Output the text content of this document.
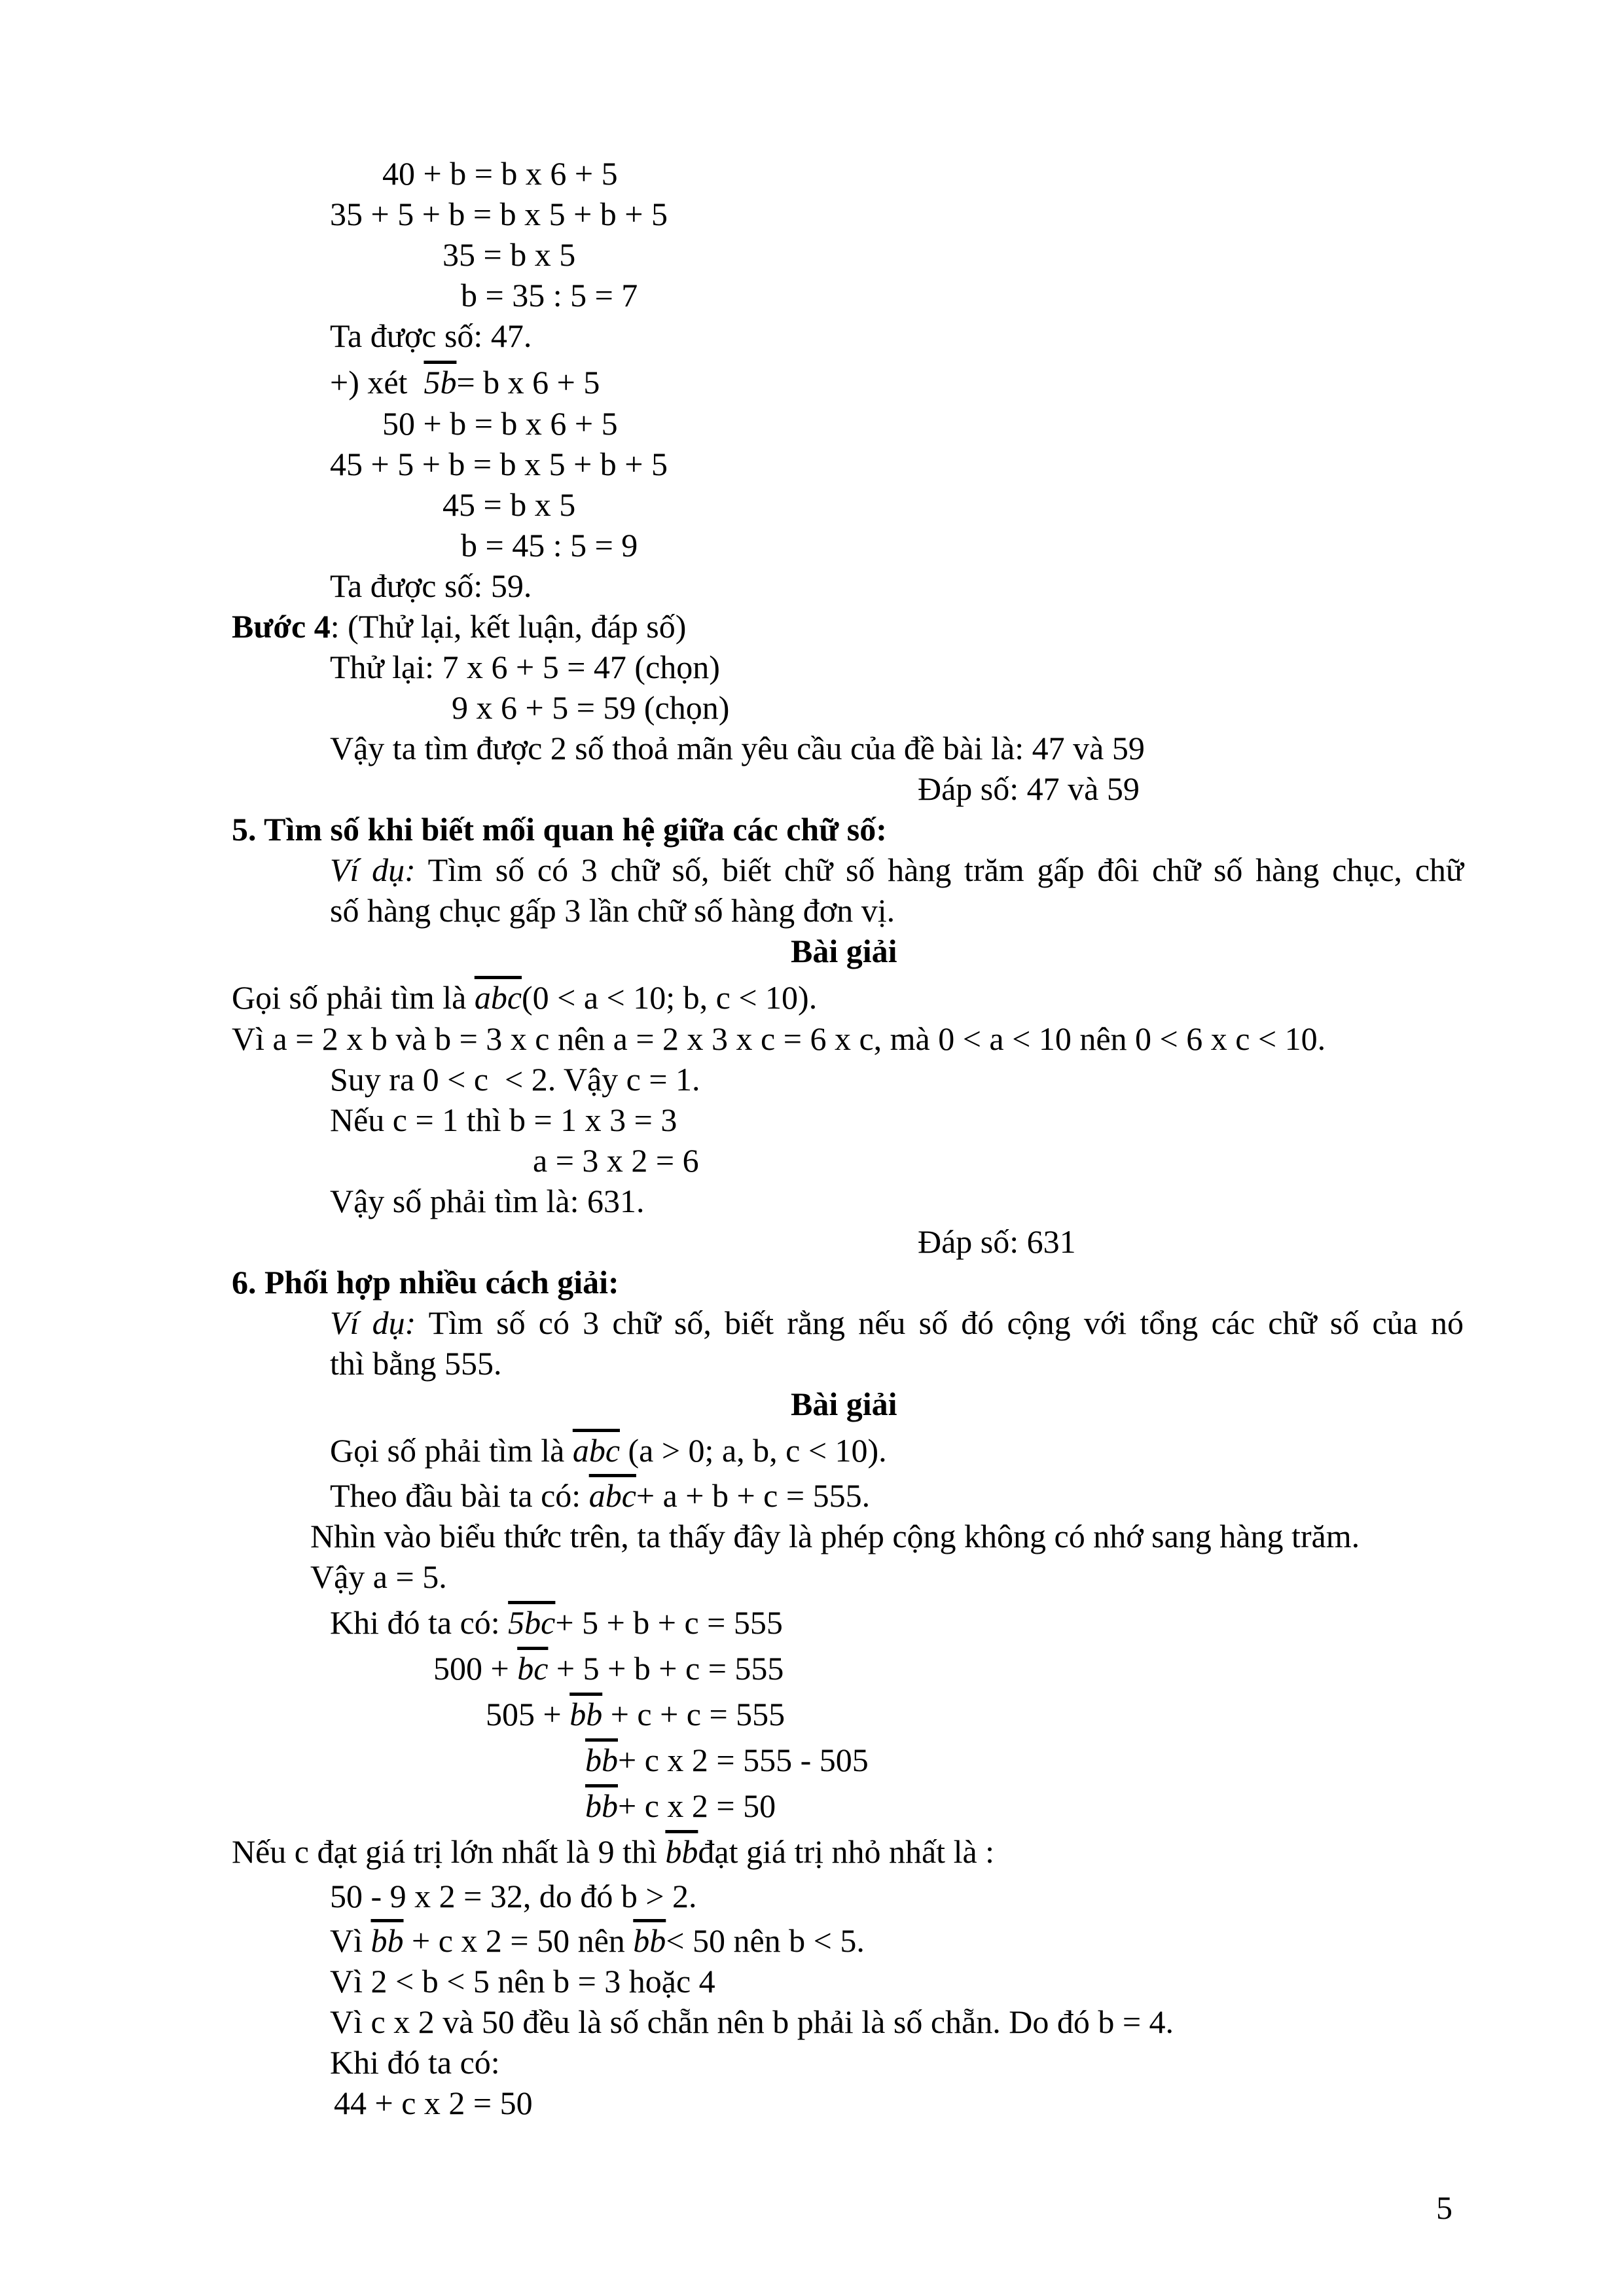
40 + b = b x 6 + 5

35 + 5 + b = b x 5 + b + 5

35 = b x 5

b = 35 : 5 = 7

Ta được số: 47.

+) xét  5b= b x 6 + 5

50 + b = b x 6 + 5

45 + 5 + b = b x 5 + b + 5

45 = b x 5

b = 45 : 5 = 9

Ta được số: 59.

Bước 4: (Thử lại, kết luận, đáp số)

Thử lại: 7 x 6 + 5 = 47 (chọn)

9 x 6 + 5 = 59 (chọn)

Vậy ta tìm được 2 số thoả mãn yêu cầu của đề bài là: 47 và 59

Đáp số: 47 và 59

5. Tìm số khi biết mối quan hệ giữa các chữ số:

Ví dụ: Tìm số có 3 chữ số, biết chữ số hàng trăm gấp đôi chữ số hàng chục, chữ

số hàng chục gấp 3 lần chữ số hàng đơn vị.

Bài giải

Gọi số phải tìm là $\overline{abc}(0 < a < 10$; b, c < 10).

Vì a = 2 x b và b = 3 x c nên a = 2 x 3 x c = 6 x c, mà 0 < a < 10 nên 0 < 6 x c < 10.

Suy ra 0 < c  < 2. Vậy c = 1.

Nếu c = 1 thì b = 1 x 3 = 3

a = 3 x 2 = 6

Vậy số phải tìm là: 631.

Đáp số: 631

6. Phối hợp nhiều cách giải:

Ví dụ: Tìm số có 3 chữ số, biết rằng nếu số đó cộng với tổng các chữ số của nó

thì bằng 555.

Bài giải

Gọi số phải tìm là $\overline{abc}$ (a > 0; a, b, c < 10).

Theo đầu bài ta có: $\overline{abc}+ a + b + c = 555$.

Nhìn vào biểu thức trên, ta thấy đây là phép cộng không có nhớ sang hàng trăm.

Vậy a = 5.

Khi đó ta có: 5bc+ 5 + b + c = 555

$500 + \overline{bc} + 5 + b + c = 555$

$505 + \overline{bb} + c + c = 555$

$\overline{bb}+ c$ x 2 = 555 - 505

$\overline{bb}+ c$ x 2 = 50

Nếu c đạt giá trị lớn nhất là 9 thì $\overline{bb}đạt$ giá trị nhỏ nhất là :

50 - 9 x 2 = 32, do đó b > 2.

Vì $\overline{bb} + c$ x 2 = 50 nên $\overline{bb}< 50$ nên b < 5.

Vì 2 < b < 5 nên b = 3 hoặc 4

Vì c x 2 và 50 đều là số chẵn nên b phải là số chẵn. Do đó b = 4.

Khi đó ta có:

44 + c x 2 = 50

5
